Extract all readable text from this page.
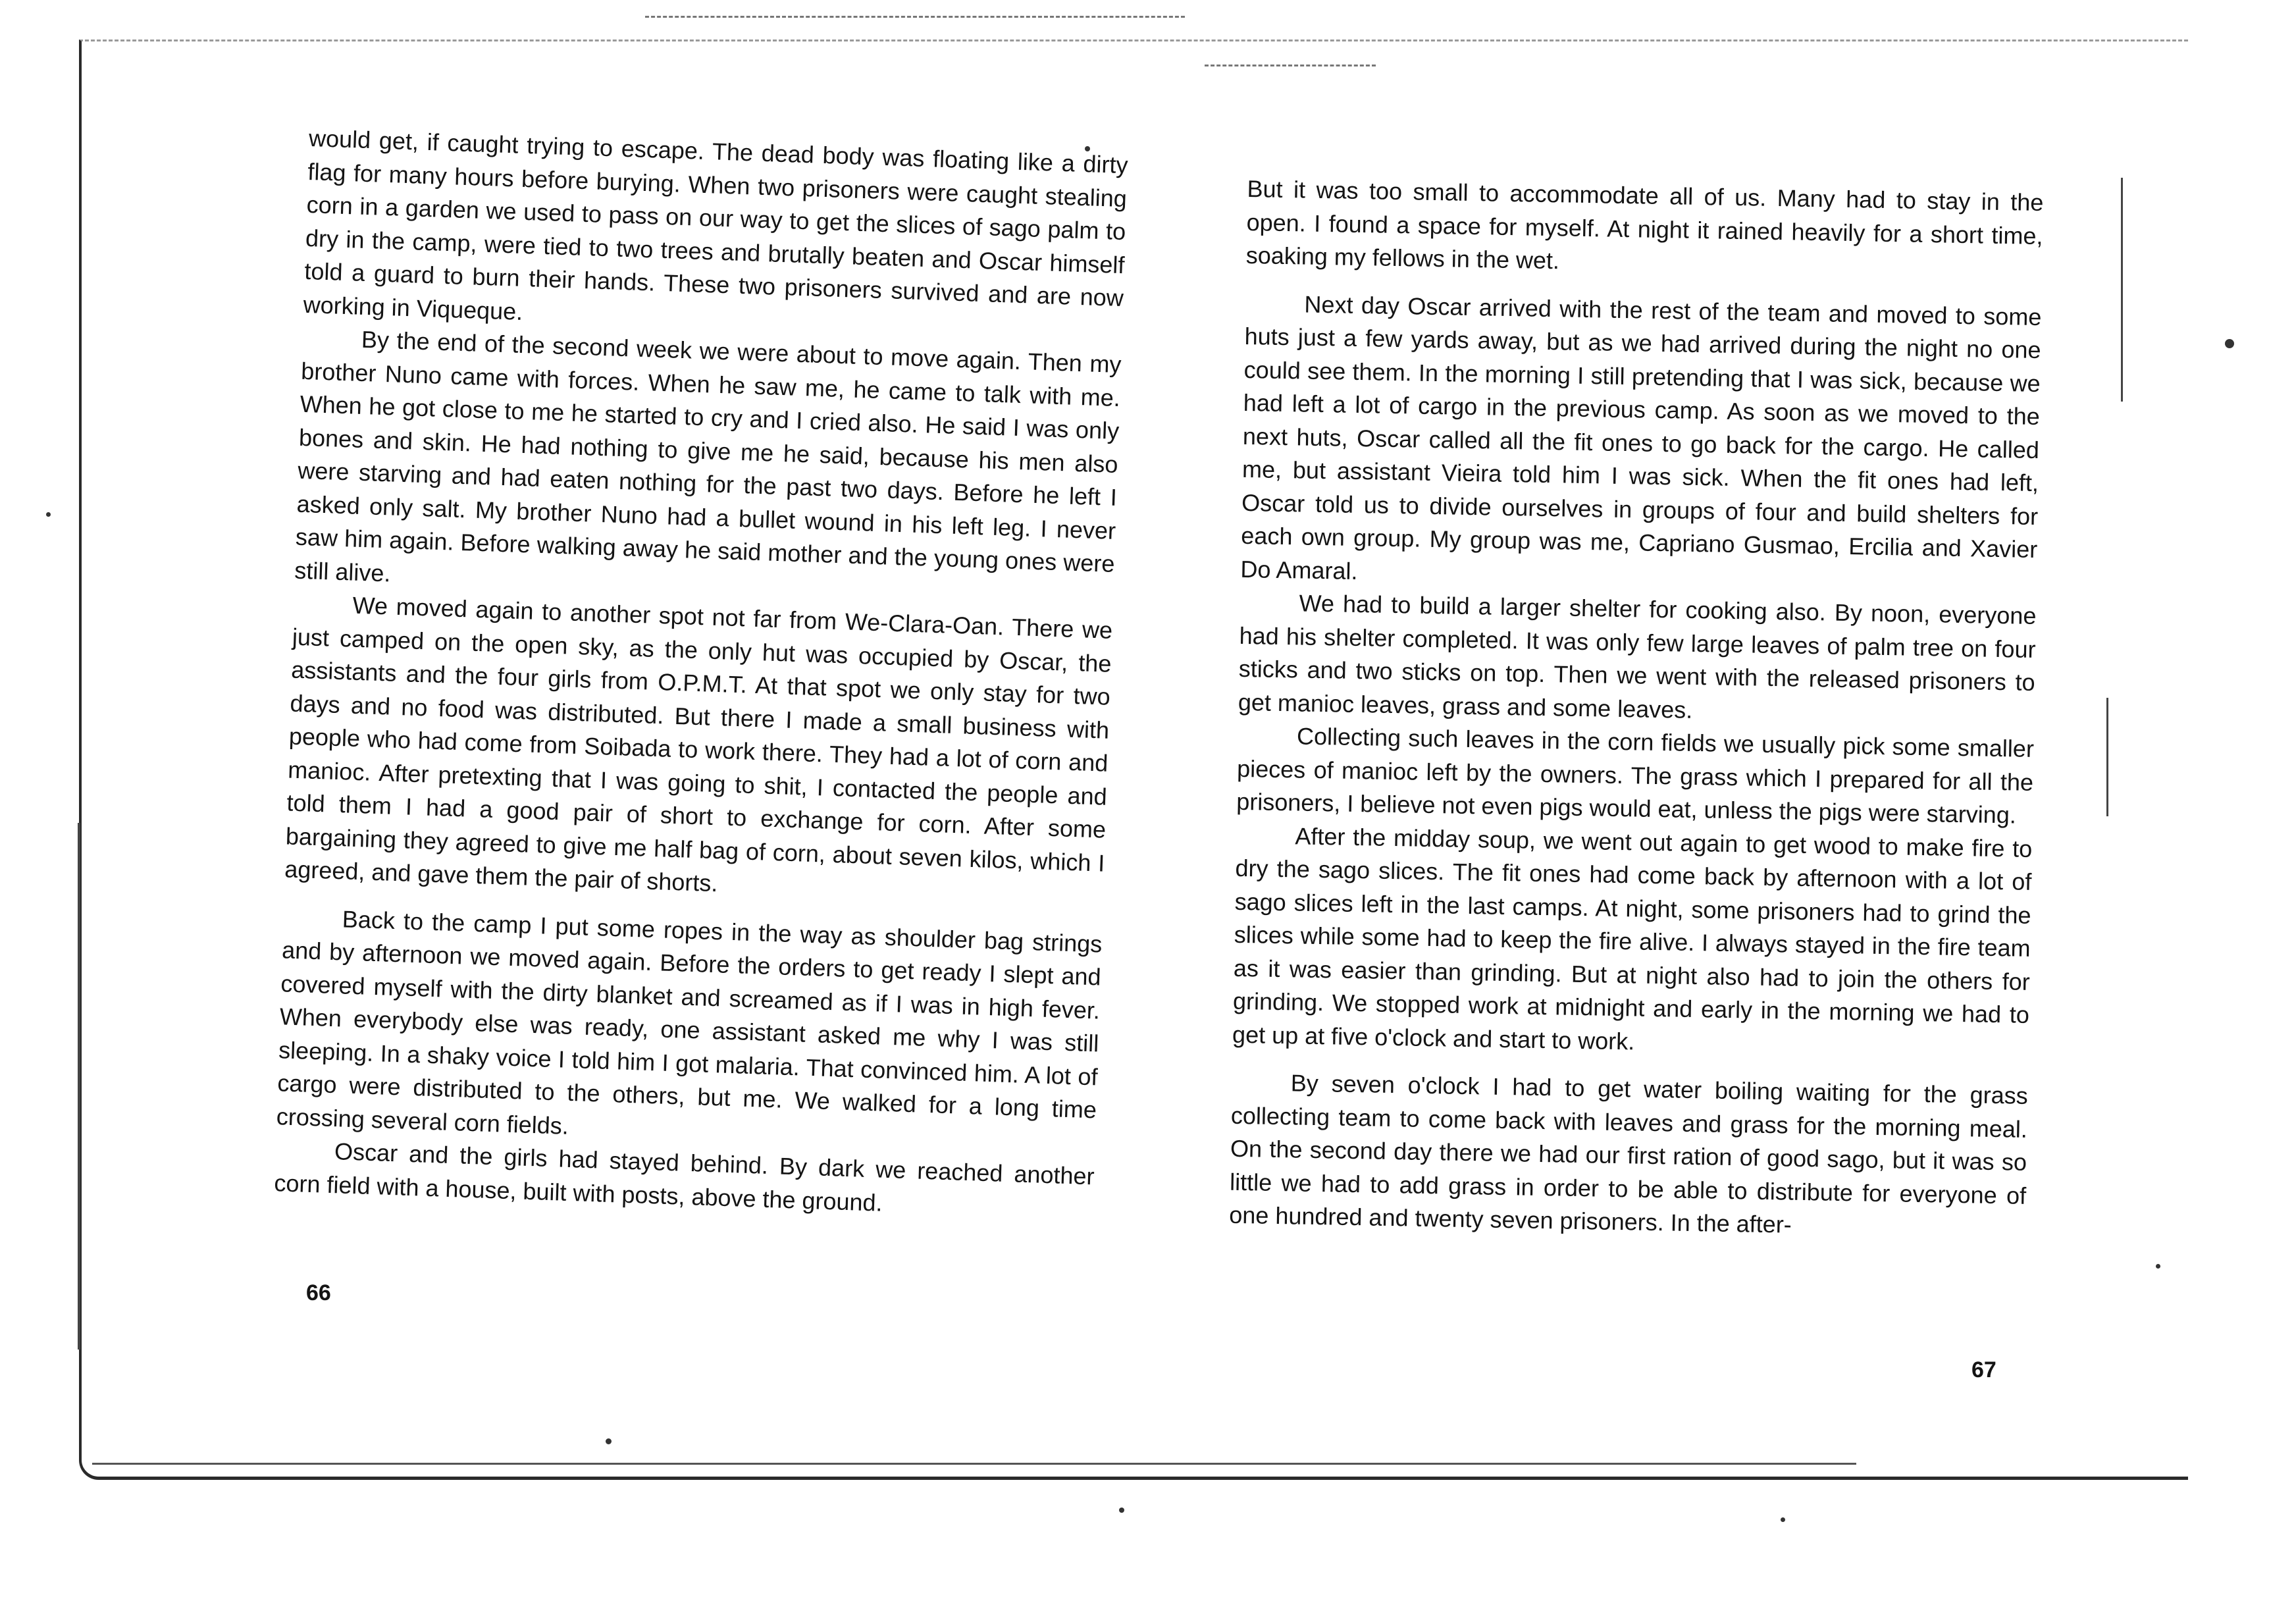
would get, if caught trying to escape. The dead body was floating like a dirty flag for many hours before burying. When two prisoners were caught stealing corn in a garden we used to pass on our way to get the slices of sago palm to dry in the camp, were tied to two trees and brutally beaten and Oscar himself told a guard to burn their hands. These two prisoners survived and are now working in Viqueque.

By the end of the second week we were about to move again. Then my brother Nuno came with forces. When he saw me, he came to talk with me. When he got close to me he started to cry and I cried also. He said I was only bones and skin. He had nothing to give me he said, because his men also were starving and had eaten nothing for the past two days. Before he left I asked only salt. My brother Nuno had a bullet wound in his left leg. I never saw him again. Before walking away he said mother and the young ones were still alive.

We moved again to another spot not far from We-Clara-Oan. There we just camped on the open sky, as the only hut was occupied by Oscar, the assistants and the four girls from O.P.M.T. At that spot we only stay for two days and no food was distributed. But there I made a small business with people who had come from Soibada to work there. They had a lot of corn and manioc. After pretexting that I was going to shit, I contacted the people and told them I had a good pair of short to exchange for corn. After some bargaining they agreed to give me half bag of corn, about seven kilos, which I agreed, and gave them the pair of shorts.

Back to the camp I put some ropes in the way as shoulder bag strings and by afternoon we moved again. Before the orders to get ready I slept and covered myself with the dirty blanket and screamed as if I was in high fever. When everybody else was ready, one assistant asked me why I was still sleeping. In a shaky voice I told him I got malaria. That convinced him. A lot of cargo were distributed to the others, but me. We walked for a long time crossing several corn fields.

Oscar and the girls had stayed behind. By dark we reached another corn field with a house, built with posts, above the ground.

66

But it was too small to accommodate all of us. Many had to stay in the open. I found a space for myself. At night it rained heavily for a short time, soaking my fellows in the wet.

Next day Oscar arrived with the rest of the team and moved to some huts just a few yards away, but as we had arrived during the night no one could see them. In the morning I still pretending that I was sick, because we had left a lot of cargo in the previous camp. As soon as we moved to the next huts, Oscar called all the fit ones to go back for the cargo. He called me, but assistant Vieira told him I was sick. When the fit ones had left, Oscar told us to divide ourselves in groups of four and build shelters for each own group. My group was me, Capriano Gusmao, Ercilia and Xavier Do Amaral.

We had to build a larger shelter for cooking also. By noon, everyone had his shelter completed. It was only few large leaves of palm tree on four sticks and two sticks on top. Then we went with the released prisoners to get manioc leaves, grass and some leaves.

Collecting such leaves in the corn fields we usually pick some smaller pieces of manioc left by the owners. The grass which I prepared for all the prisoners, I believe not even pigs would eat, unless the pigs were starving.

After the midday soup, we went out again to get wood to make fire to dry the sago slices. The fit ones had come back by afternoon with a lot of sago slices left in the last camps. At night, some prisoners had to grind the slices while some had to keep the fire alive. I always stayed in the fire team as it was easier than grinding. But at night also had to join the others for grinding. We stopped work at midnight and early in the morning we had to get up at five o'clock and start to work.

By seven o'clock I had to get water boiling waiting for the grass collecting team to come back with leaves and grass for the morning meal. On the second day there we had our first ration of good sago, but it was so little we had to add grass in order to be able to distribute for everyone of one hundred and twenty seven prisoners. In the after-

67
